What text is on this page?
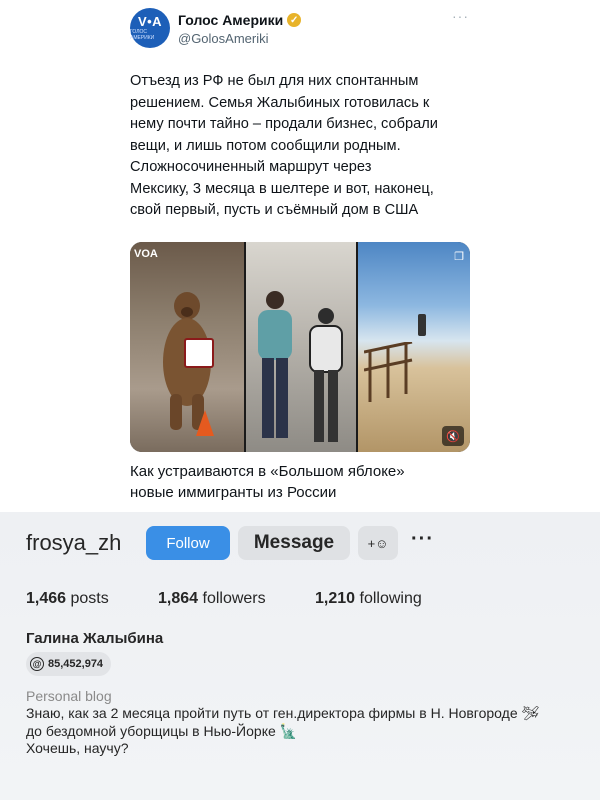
V•A
ГОЛОС АМЕРИКИ
Голос Америки ✓
@GolosAmeriki
···
Отъезд из РФ не был для них спонтанным
решением. Семья Жалыбиных готовилась к
нему почти тайно – продали бизнес, собрали
вещи, и лишь потом сообщили родным.
Сложносочиненный маршрут через
Мексику, 3 месяца в шелтере и вот, наконец,
свой первый, пусть и съёмный дом в США
VOA	❐
🔇
Как устраиваются в «Большом яблоке»
новые иммигранты из России
frosya_zh	Follow	Message	+☺	···
1,466 posts	1,864 followers	1,210 following
Галина Жалыбина
@ 85,452,974
Personal blog
Знаю, как за 2 месяца пройти путь от ген.директора фирмы в Н. Новгороде 🛩
до бездомной уборщицы в Нью-Йорке 🗽
Хочешь, научу?
